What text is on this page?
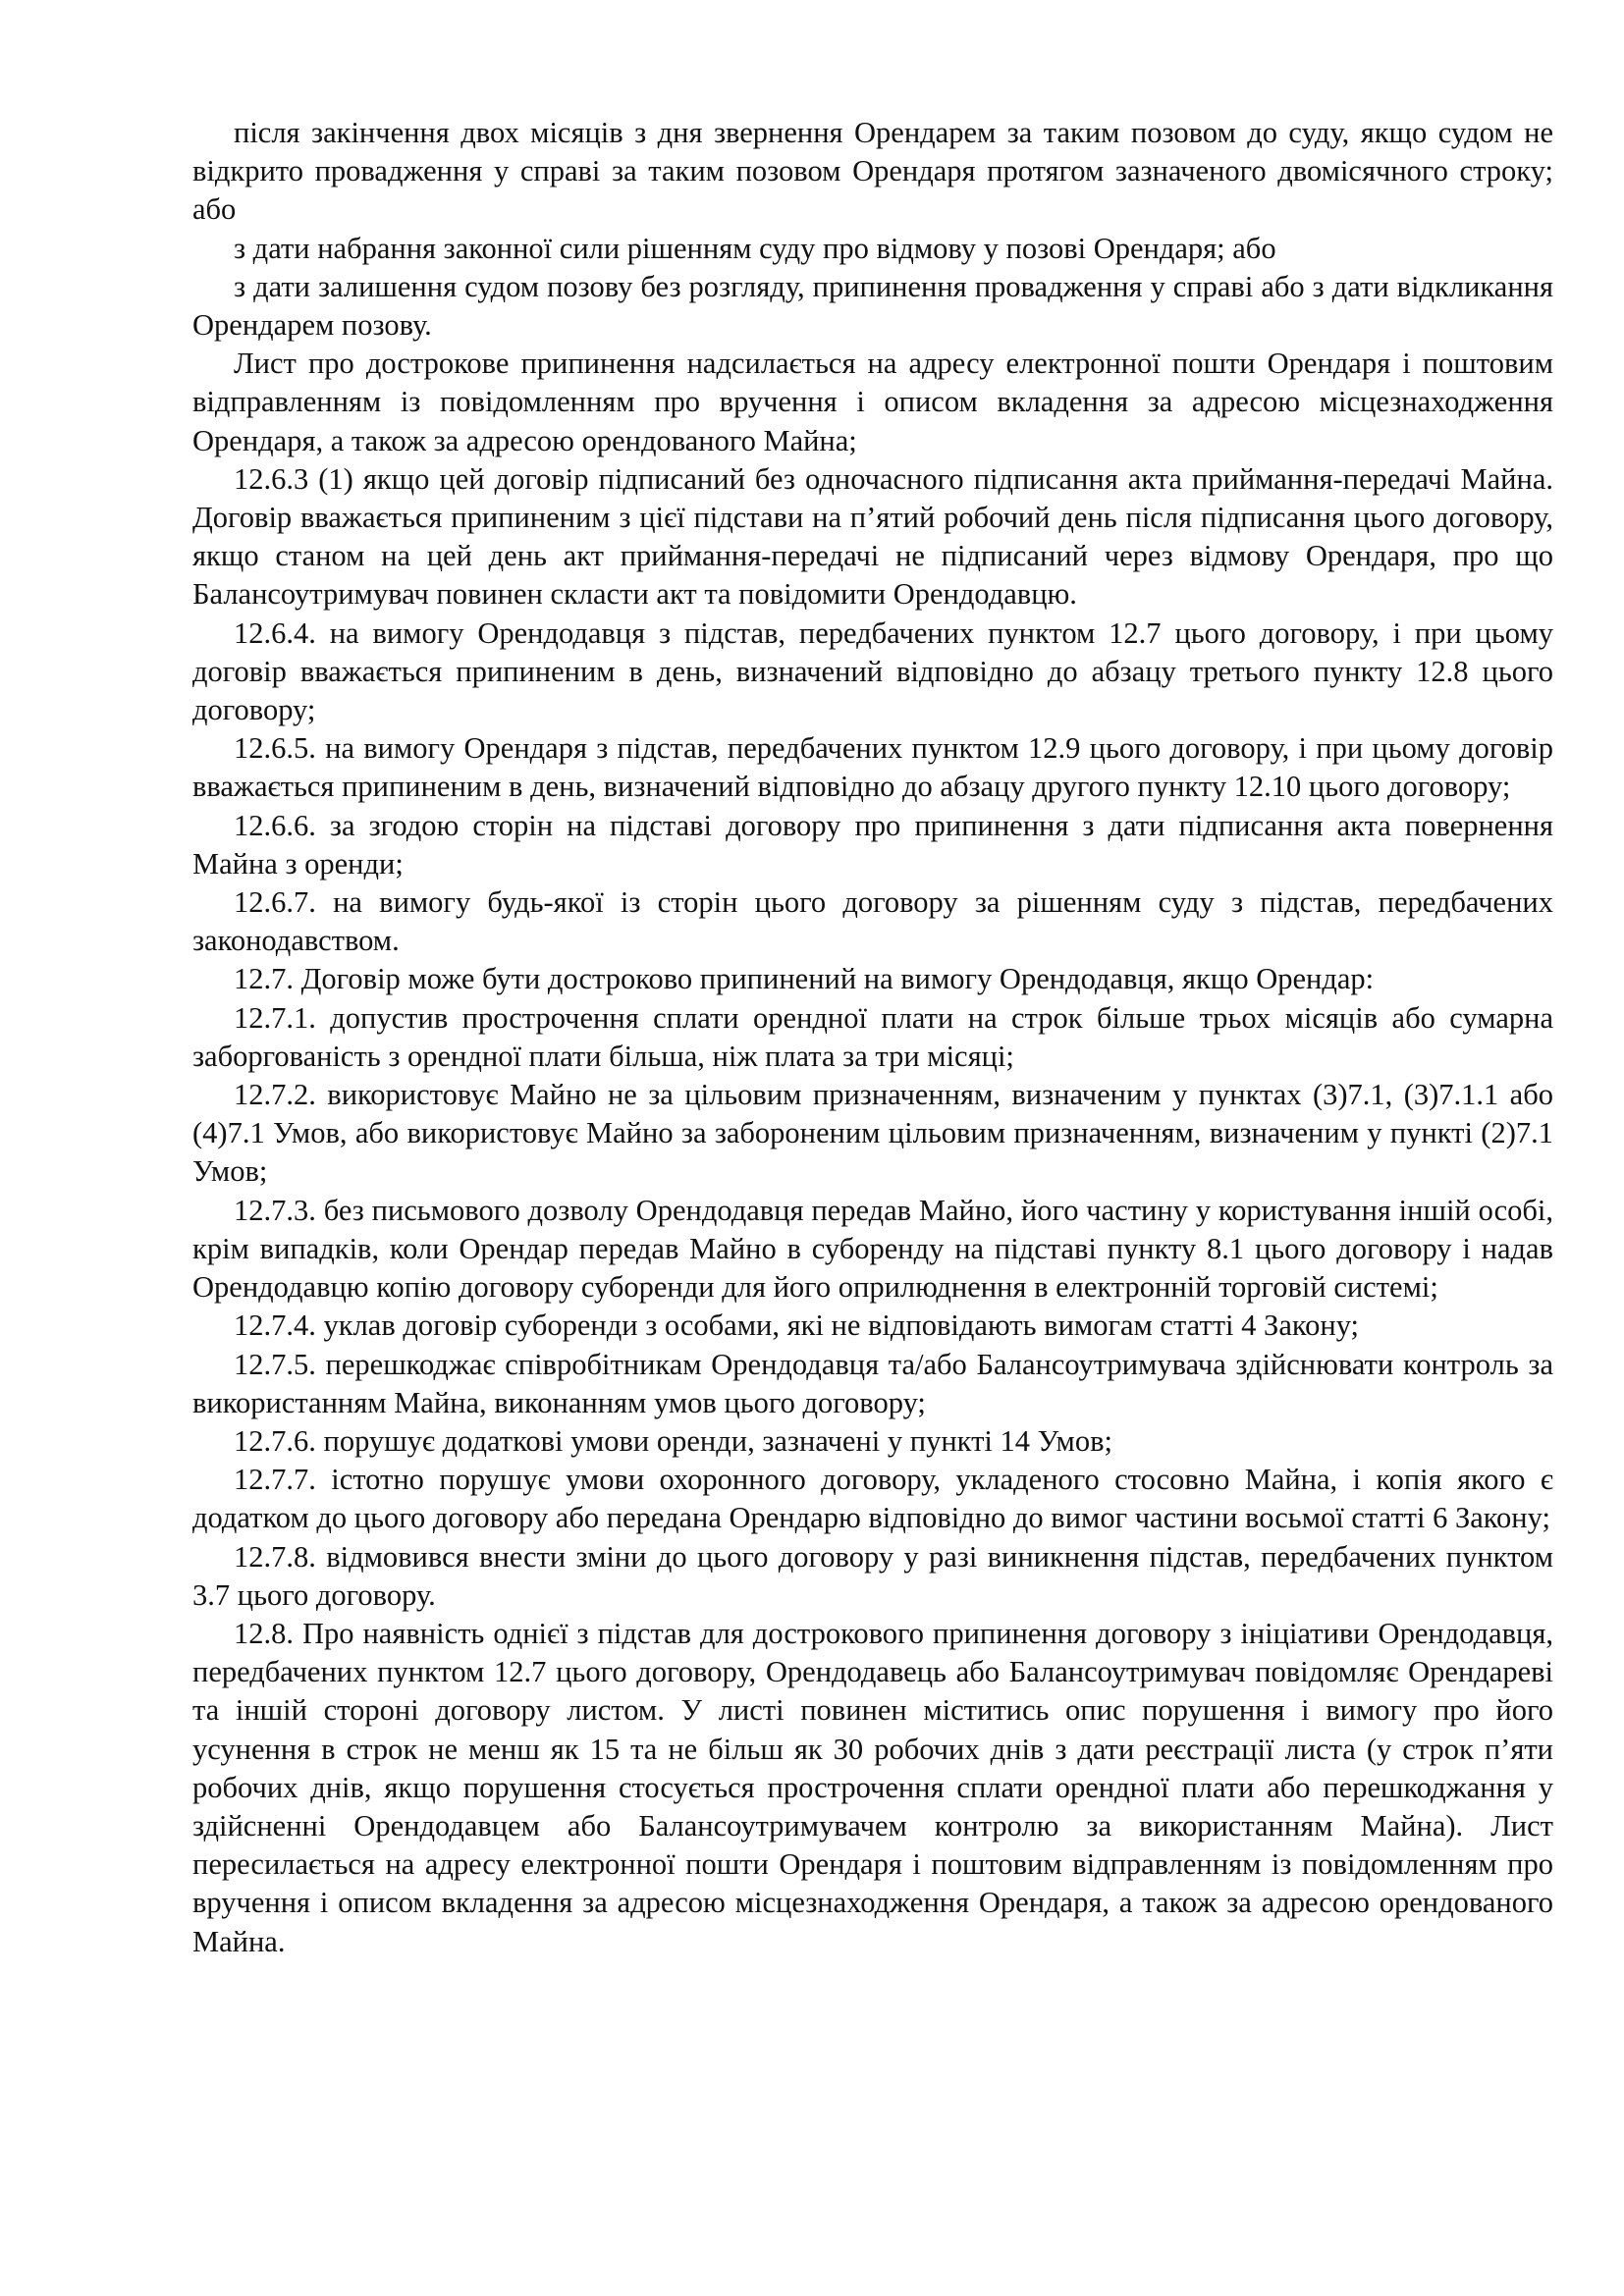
після закінчення двох місяців з дня звернення Орендарем за таким позовом до суду, якщо судом не відкрито провадження у справі за таким позовом Орендаря протягом зазначеного двомісячного строку; або

з дати набрання законної сили рішенням суду про відмову у позові Орендаря; або

з дати залишення судом позову без розгляду, припинення провадження у справі або з дати відкликання Орендарем позову.

Лист про дострокове припинення надсилається на адресу електронної пошти Орендаря і поштовим відправленням із повідомленням про вручення і описом вкладення за адресою місцезнаходження Орендаря, а також за адресою орендованого Майна;

12.6.3 (1) якщо цей договір підписаний без одночасного підписання акта приймання-передачі Майна. Договір вважається припиненим з цієї підстави на п’ятий робочий день після підписання цього договору, якщо станом на цей день акт приймання-передачі не підписаний через відмову Орендаря, про що Балансоутримувач повинен скласти акт та повідомити Орендодавцю.

12.6.4. на вимогу Орендодавця з підстав, передбачених пунктом 12.7 цього договору, і при цьому договір вважається припиненим в день, визначений відповідно до абзацу третього пункту 12.8 цього договору;

12.6.5. на вимогу Орендаря з підстав, передбачених пунктом 12.9 цього договору, і при цьому договір вважається припиненим в день, визначений відповідно до абзацу другого пункту 12.10 цього договору;

12.6.6. за згодою сторін на підставі договору про припинення з дати підписання акта повернення Майна з оренди;

12.6.7. на вимогу будь-якої із сторін цього договору за рішенням суду з підстав, передбачених законодавством.

12.7. Договір може бути достроково припинений на вимогу Орендодавця, якщо Орендар:

12.7.1. допустив прострочення сплати орендної плати на строк більше трьох місяців або сумарна заборгованість з орендної плати більша, ніж плата за три місяці;

12.7.2. використовує Майно не за цільовим призначенням, визначеним у пунктах (3)7.1, (3)7.1.1 або (4)7.1 Умов, або використовує Майно за забороненим цільовим призначенням, визначеним у пункті (2)7.1 Умов;

12.7.3. без письмового дозволу Орендодавця передав Майно, його частину у користування іншій особі, крім випадків, коли Орендар передав Майно в суборенду на підставі пункту 8.1 цього договору і надав Орендодавцю копію договору суборенди для його оприлюднення в електронній торговій системі;

12.7.4. уклав договір суборенди з особами, які не відповідають вимогам статті 4 Закону;

12.7.5. перешкоджає співробітникам Орендодавця та/або Балансоутримувача здійснювати контроль за використанням Майна, виконанням умов цього договору;

12.7.6. порушує додаткові умови оренди, зазначені у пункті 14 Умов;

12.7.7. істотно порушує умови охоронного договору, укладеного стосовно Майна, і копія якого є додатком до цього договору або передана Орендарю відповідно до вимог частини восьмої статті 6 Закону;

12.7.8. відмовився внести зміни до цього договору у разі виникнення підстав, передбачених пунктом 3.7 цього договору.

12.8. Про наявність однієї з підстав для дострокового припинення договору з ініціативи Орендодавця, передбачених пунктом 12.7 цього договору, Орендодавець або Балансоутримувач повідомляє Орендареві та іншій стороні договору листом. У листі повинен міститись опис порушення і вимогу про його усунення в строк не менш як 15 та не більш як 30 робочих днів з дати реєстрації листа (у строк п’яти робочих днів, якщо порушення стосується прострочення сплати орендної плати або перешкоджання у здійсненні Орендодавцем або Балансоутримувачем контролю за використанням Майна). Лист пересилається на адресу електронної пошти Орендаря і поштовим відправленням із повідомленням про вручення і описом вкладення за адресою місцезнаходження Орендаря, а також за адресою орендованого Майна.
